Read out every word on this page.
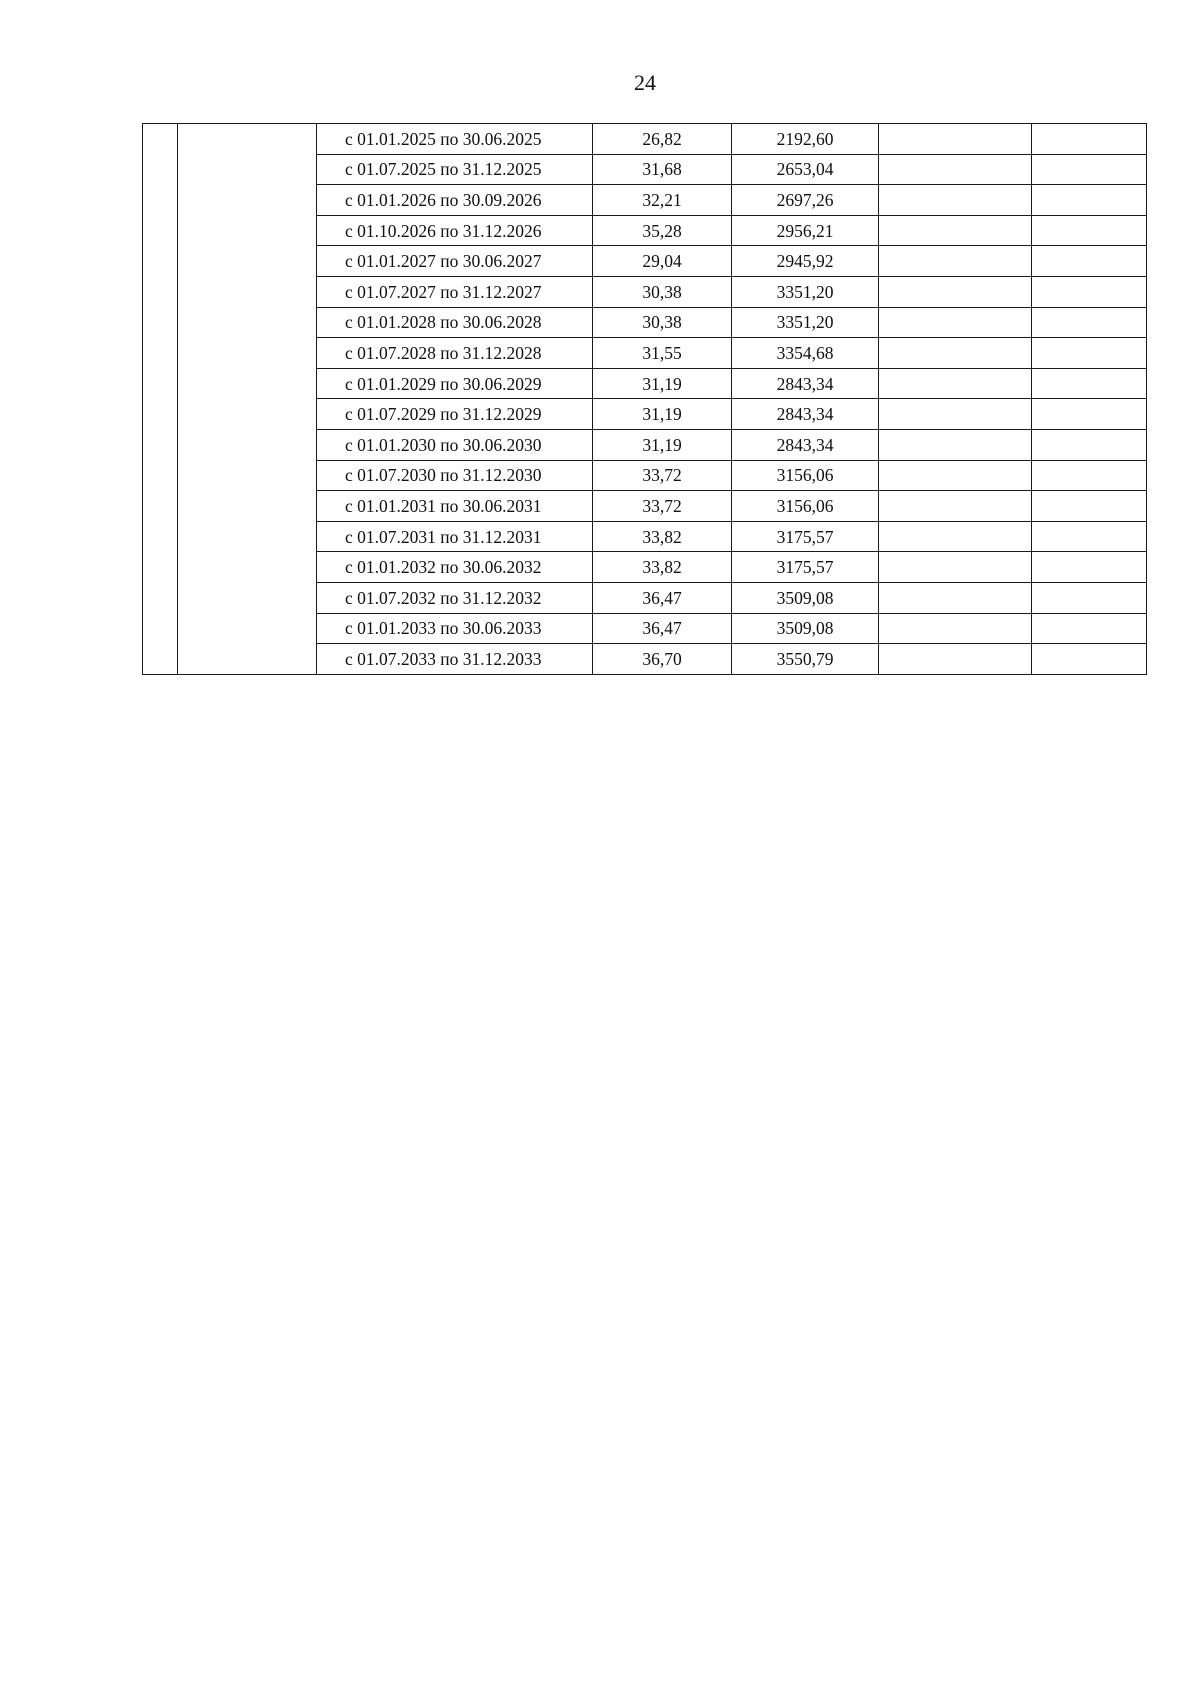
24
		с 01.01.2025 по 30.06.2025	26,82	2192,60		
		с 01.07.2025 по 31.12.2025	31,68	2653,04		
		с 01.01.2026 по 30.09.2026	32,21	2697,26		
		с 01.10.2026 по 31.12.2026	35,28	2956,21		
		с 01.01.2027 по 30.06.2027	29,04	2945,92		
		с 01.07.2027 по 31.12.2027	30,38	3351,20		
		с 01.01.2028 по 30.06.2028	30,38	3351,20		
		с 01.07.2028 по 31.12.2028	31,55	3354,68		
		с 01.01.2029 по 30.06.2029	31,19	2843,34		
		с 01.07.2029 по 31.12.2029	31,19	2843,34		
		с 01.01.2030 по 30.06.2030	31,19	2843,34		
		с 01.07.2030 по 31.12.2030	33,72	3156,06		
		с 01.01.2031 по 30.06.2031	33,72	3156,06		
		с 01.07.2031 по 31.12.2031	33,82	3175,57		
		с 01.01.2032 по 30.06.2032	33,82	3175,57		
		с 01.07.2032 по 31.12.2032	36,47	3509,08		
		с 01.01.2033 по 30.06.2033	36,47	3509,08		
		с 01.07.2033 по 31.12.2033	36,70	3550,79		
